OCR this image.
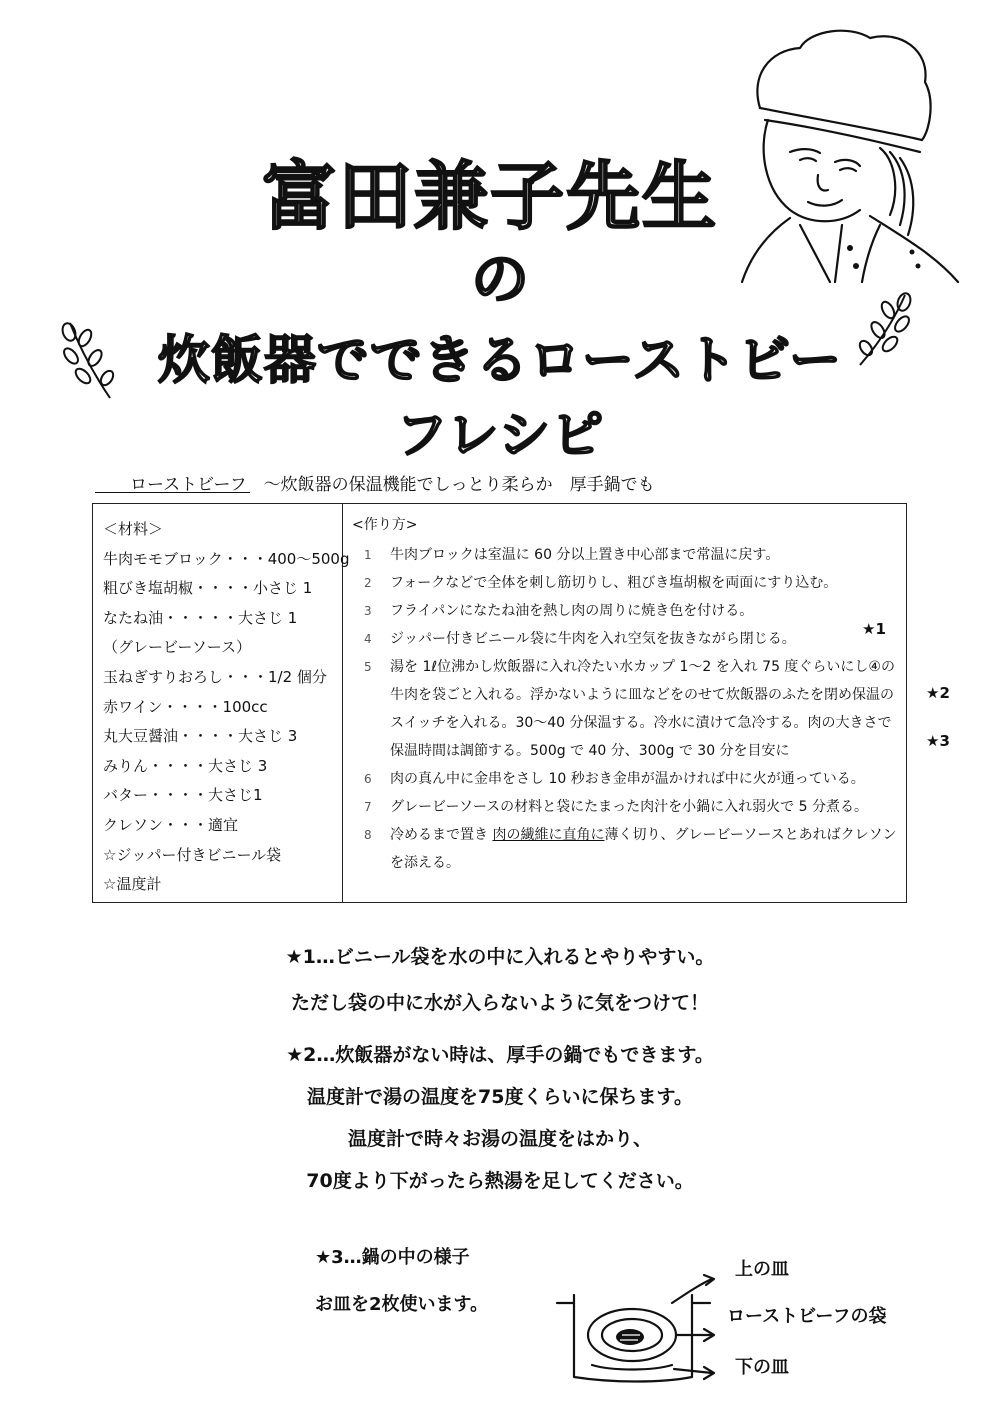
富田兼子先生
の
炊飯器でできるローストビーフレシピ
ローストビーフ　〜炊飯器の保温機能でしっとり柔らか　厚手鍋でも
＜材料＞
牛肉モモブロック・・・400〜500g
粗びき塩胡椒・・・・小さじ 1
なたね油・・・・・大さじ 1
（グレービーソース）
玉ねぎすりおろし・・・1/2 個分
赤ワイン・・・・100cc
丸大豆醤油・・・・大さじ 3
みりん・・・・大さじ 3
バター・・・・大さじ1
クレソン・・・適宜
☆ジッパー付きビニール袋
☆温度計
<作り方>
1	牛肉ブロックは室温に 60 分以上置き中心部まで常温に戻す。
2	フォークなどで全体を刺し筋切りし、粗びき塩胡椒を両面にすり込む。
3	フライパンになたね油を熱し肉の周りに焼き色を付ける。
4	ジッパー付きビニール袋に牛肉を入れ空気を抜きながら閉じる。
5	湯を 1ℓ位沸かし炊飯器に入れ冷たい水カップ 1〜2 を入れ 75 度ぐらいにし④の牛肉を袋ごと入れる。浮かないように皿などをのせて炊飯器のふたを閉め保温のスイッチを入れる。30〜40 分保温する。冷水に漬けて急冷する。肉の大きさで保温時間は調節する。500g で 40 分、300g で 30 分を目安に
6	肉の真ん中に金串をさし 10 秒おき金串が温かければ中に火が通っている。
7	グレービーソースの材料と袋にたまった肉汁を小鍋に入れ弱火で 5 分煮る。
8	冷めるまで置き 肉の繊維に直角に薄く切り、グレービーソースとあればクレソンを添える。
★1
★2
★3
★1…ビニール袋を水の中に入れるとやりやすい。
ただし袋の中に水が入らないように気をつけて！
★2…炊飯器がない時は、厚手の鍋でもできます。
温度計で湯の温度を75度くらいに保ちます。
温度計で時々お湯の温度をはかり、
70度より下がったら熱湯を足してください。
★3…鍋の中の様子
お皿を2枚使います。
上の皿
ローストビーフの袋
下の皿
